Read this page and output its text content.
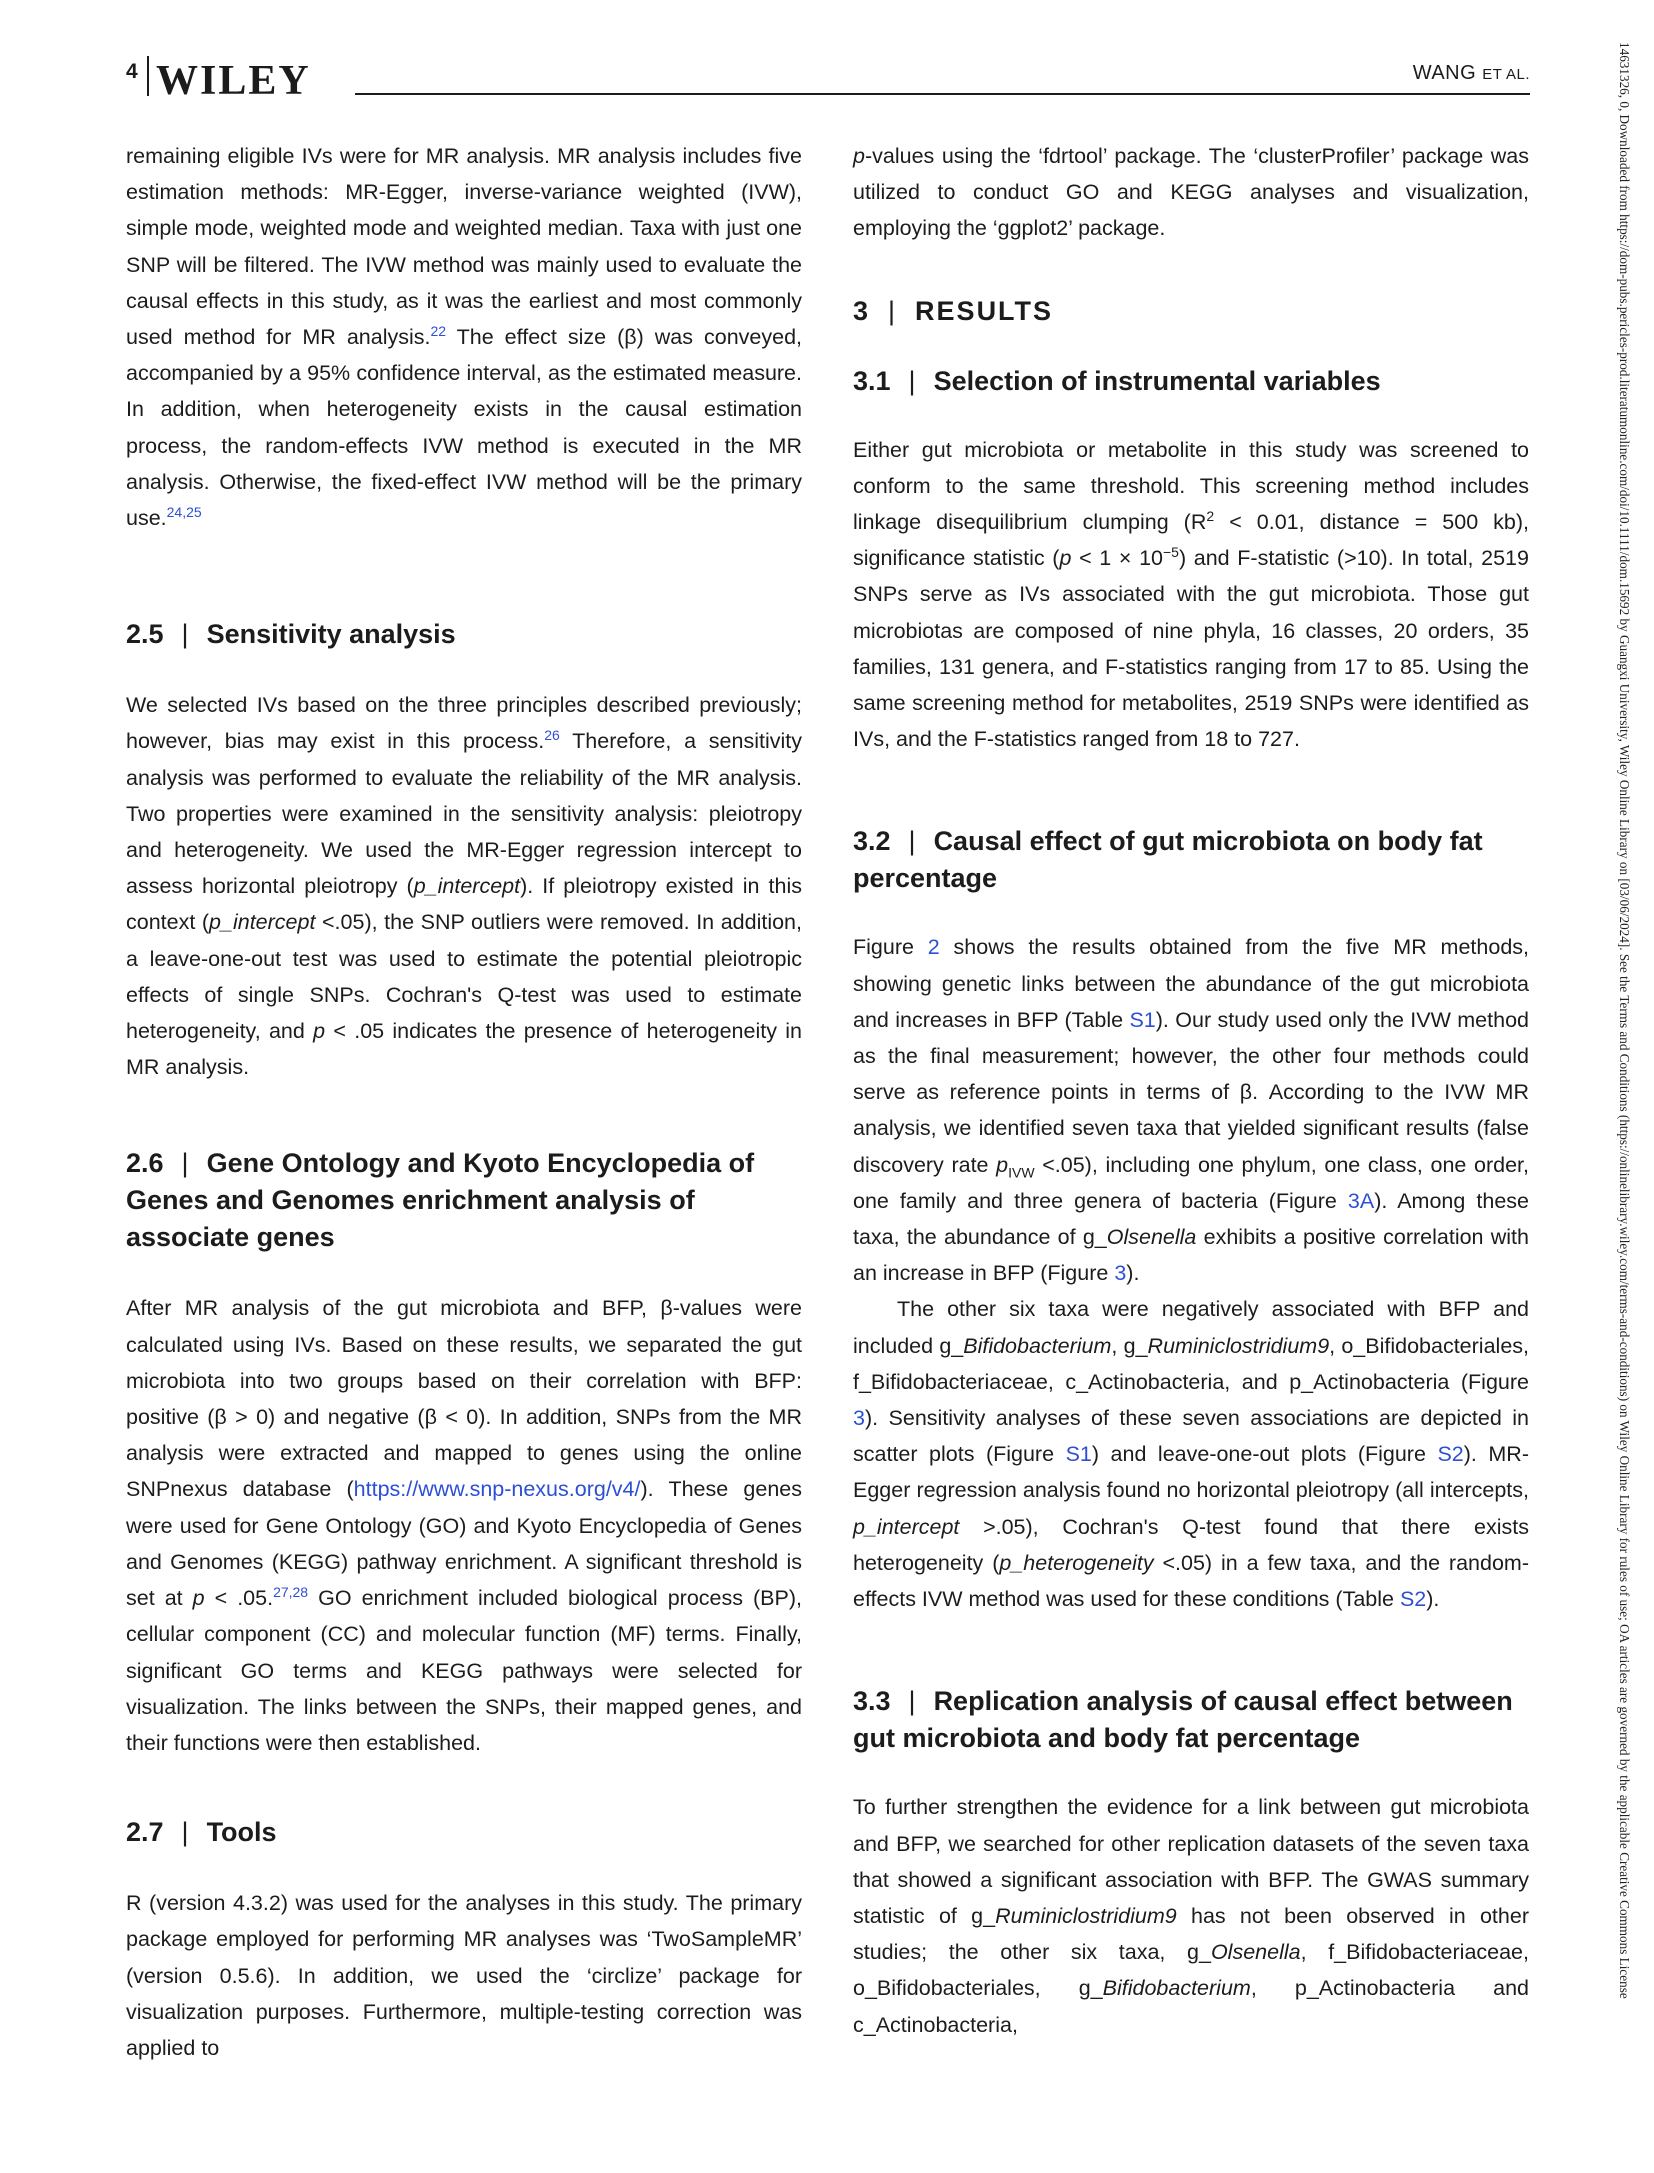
4 WILEY	WANG ET AL.

remaining eligible IVs were for MR analysis. MR analysis includes five estimation methods: MR-Egger, inverse-variance weighted (IVW), simple mode, weighted mode and weighted median. Taxa with just one SNP will be filtered. The IVW method was mainly used to evaluate the causal effects in this study, as it was the earliest and most commonly used method for MR analysis.$^{22}$ The effect size (β) was conveyed, accompanied by a 95% confidence interval, as the estimated measure. In addition, when heterogeneity exists in the causal estimation process, the random-effects IVW method is executed in the MR analysis. Otherwise, the fixed-effect IVW method will be the primary use.$^{24,25}$

2.5 | Sensitivity analysis

We selected IVs based on the three principles described previously; however, bias may exist in this process.$^{26}$ Therefore, a sensitivity analysis was performed to evaluate the reliability of the MR analysis. Two properties were examined in the sensitivity analysis: pleiotropy and heterogeneity. We used the MR-Egger regression intercept to assess horizontal pleiotropy (p_intercept). If pleiotropy existed in this context (p_intercept <.05), the SNP outliers were removed. In addition, a leave-one-out test was used to estimate the potential pleiotropic effects of single SNPs. Cochran's Q-test was used to estimate heterogeneity, and p < .05 indicates the presence of heterogeneity in MR analysis.

2.6 | Gene Ontology and Kyoto Encyclopedia of Genes and Genomes enrichment analysis of associate genes

After MR analysis of the gut microbiota and BFP, β-values were calculated using IVs. Based on these results, we separated the gut microbiota into two groups based on their correlation with BFP: positive (β > 0) and negative (β < 0). In addition, SNPs from the MR analysis were extracted and mapped to genes using the online SNPnexus database (https://www.snp-nexus.org/v4/). These genes were used for Gene Ontology (GO) and Kyoto Encyclopedia of Genes and Genomes (KEGG) pathway enrichment. A significant threshold is set at p < .05.$^{27,28}$ GO enrichment included biological process (BP), cellular component (CC) and molecular function (MF) terms. Finally, significant GO terms and KEGG pathways were selected for visualization. The links between the SNPs, their mapped genes, and their functions were then established.

2.7 | Tools

R (version 4.3.2) was used for the analyses in this study. The primary package employed for performing MR analyses was ‘TwoSampleMR’ (version 0.5.6). In addition, we used the ‘circlize’ package for visualization purposes. Furthermore, multiple-testing correction was applied to

p-values using the ‘fdrtool’ package. The ‘clusterProfiler’ package was utilized to conduct GO and KEGG analyses and visualization, employing the ‘ggplot2’ package.

3 | RESULTS
3.1 | Selection of instrumental variables

Either gut microbiota or metabolite in this study was screened to conform to the same threshold. This screening method includes linkage disequilibrium clumping ($R^2 < 0.01$, distance = 500 kb), significance statistic $(p < 1 \times 10^{-5})$ and F-statistic (>10). In total, 2519 SNPs serve as IVs associated with the gut microbiota. Those gut microbiotas are composed of nine phyla, 16 classes, 20 orders, 35 families, 131 genera, and F-statistics ranging from 17 to 85. Using the same screening method for metabolites, 2519 SNPs were identified as IVs, and the F-statistics ranged from 18 to 727.

3.2 | Causal effect of gut microbiota on body fat percentage

Figure 2 shows the results obtained from the five MR methods, showing genetic links between the abundance of the gut microbiota and increases in BFP (Table S1). Our study used only the IVW method as the final measurement; however, the other four methods could serve as reference points in terms of β. According to the IVW MR analysis, we identified seven taxa that yielded significant results (false discovery rate $p_{IVW} <.05$), including one phylum, one class, one order, one family and three genera of bacteria (Figure 3A). Among these taxa, the abundance of g_Olsenella exhibits a positive correlation with an increase in BFP (Figure 3).

The other six taxa were negatively associated with BFP and included g_Bifidobacterium, g_Ruminiclostridium9, o_Bifidobacteriales, f_Bifidobacteriaceae, c_Actinobacteria, and p_Actinobacteria (Figure 3). Sensitivity analyses of these seven associations are depicted in scatter plots (Figure S1) and leave-one-out plots (Figure S2). MR-Egger regression analysis found no horizontal pleiotropy (all intercepts, p_intercept >.05), Cochran's Q-test found that there exists heterogeneity (p_heterogeneity <.05) in a few taxa, and the random-effects IVW method was used for these conditions (Table S2).

3.3 | Replication analysis of causal effect between gut microbiota and body fat percentage

To further strengthen the evidence for a link between gut microbiota and BFP, we searched for other replication datasets of the seven taxa that showed a significant association with BFP. The GWAS summary statistic of g_Ruminiclostridium9 has not been observed in other studies; the other six taxa, g_Olsenella, f_Bifidobacteriaceae, o_Bifidobacteriales, g_Bifidobacterium, p_Actinobacteria and c_Actinobacteria,

14631326, 0, Downloaded from https://dom-pubs.pericles-prod.literatumonline.com/doi/10.1111/dom.15692 by Guangxi University, Wiley Online Library on [03/06/2024]. See the Terms and Conditions (https://onlinelibrary.wiley.com/terms-and-conditions) on Wiley Online Library for rules of use; OA articles are governed by the applicable Creative Commons License
